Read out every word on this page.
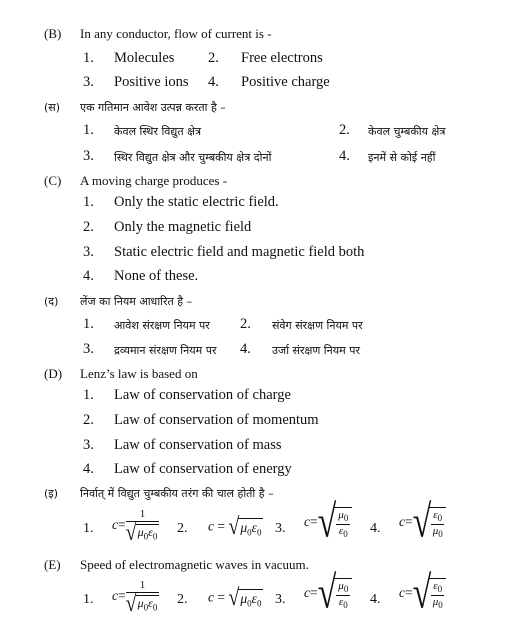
(B) In any conductor, flow of current is -
1. Molecules 2. Free electrons
3. Positive ions 4. Positive charge
(स) एक गतिमान आवेश उत्पन्न करता है –
1. केवल स्थिर विद्युत क्षेत्र	2. केवल चुम्बकीय क्षेत्र
3. स्थिर विद्युत क्षेत्र और चुम्बकीय क्षेत्र दोनों	4. इनमें से कोई नहीं
(C) A moving charge produces -
1. Only the static electric field.
2. Only the magnetic field
3. Static electric field and magnetic field both
4. None of these.
(द) लेंज का नियम आधारित है –
1. आवेश संरक्षण नियम पर 2. संवेग संरक्षण नियम पर
3. द्रव्यमान संरक्षण नियम पर 4. उर्जा संरक्षण नियम पर
(D) Lenz’s law is based on
1. Law of conservation of charge
2. Law of conservation of momentum
3. Law of conservation of mass
4. Law of conservation of energy
(इ) निर्वात् में विद्युत चुम्बकीय तरंग की चाल होती है –
1. $c= \frac{1}{√\mu_0\varepsilon_0} 2$. $c = √\mu_0\varepsilon_0$ 3. $c=√ \frac{\mu_0}{\varepsilon_0} 4$. $c=√ \frac{\varepsilon_0}{\mu_0}$
(E) Speed of electromagnetic waves in vacuum.
1. $c= \frac{1}{√\mu_0\varepsilon_0} 2$. $c = √\mu_0\varepsilon_0$ 3. $c=√ \frac{\mu_0}{\varepsilon_0} 4$. $c=√ \frac{\varepsilon_0}{\mu_0}$
